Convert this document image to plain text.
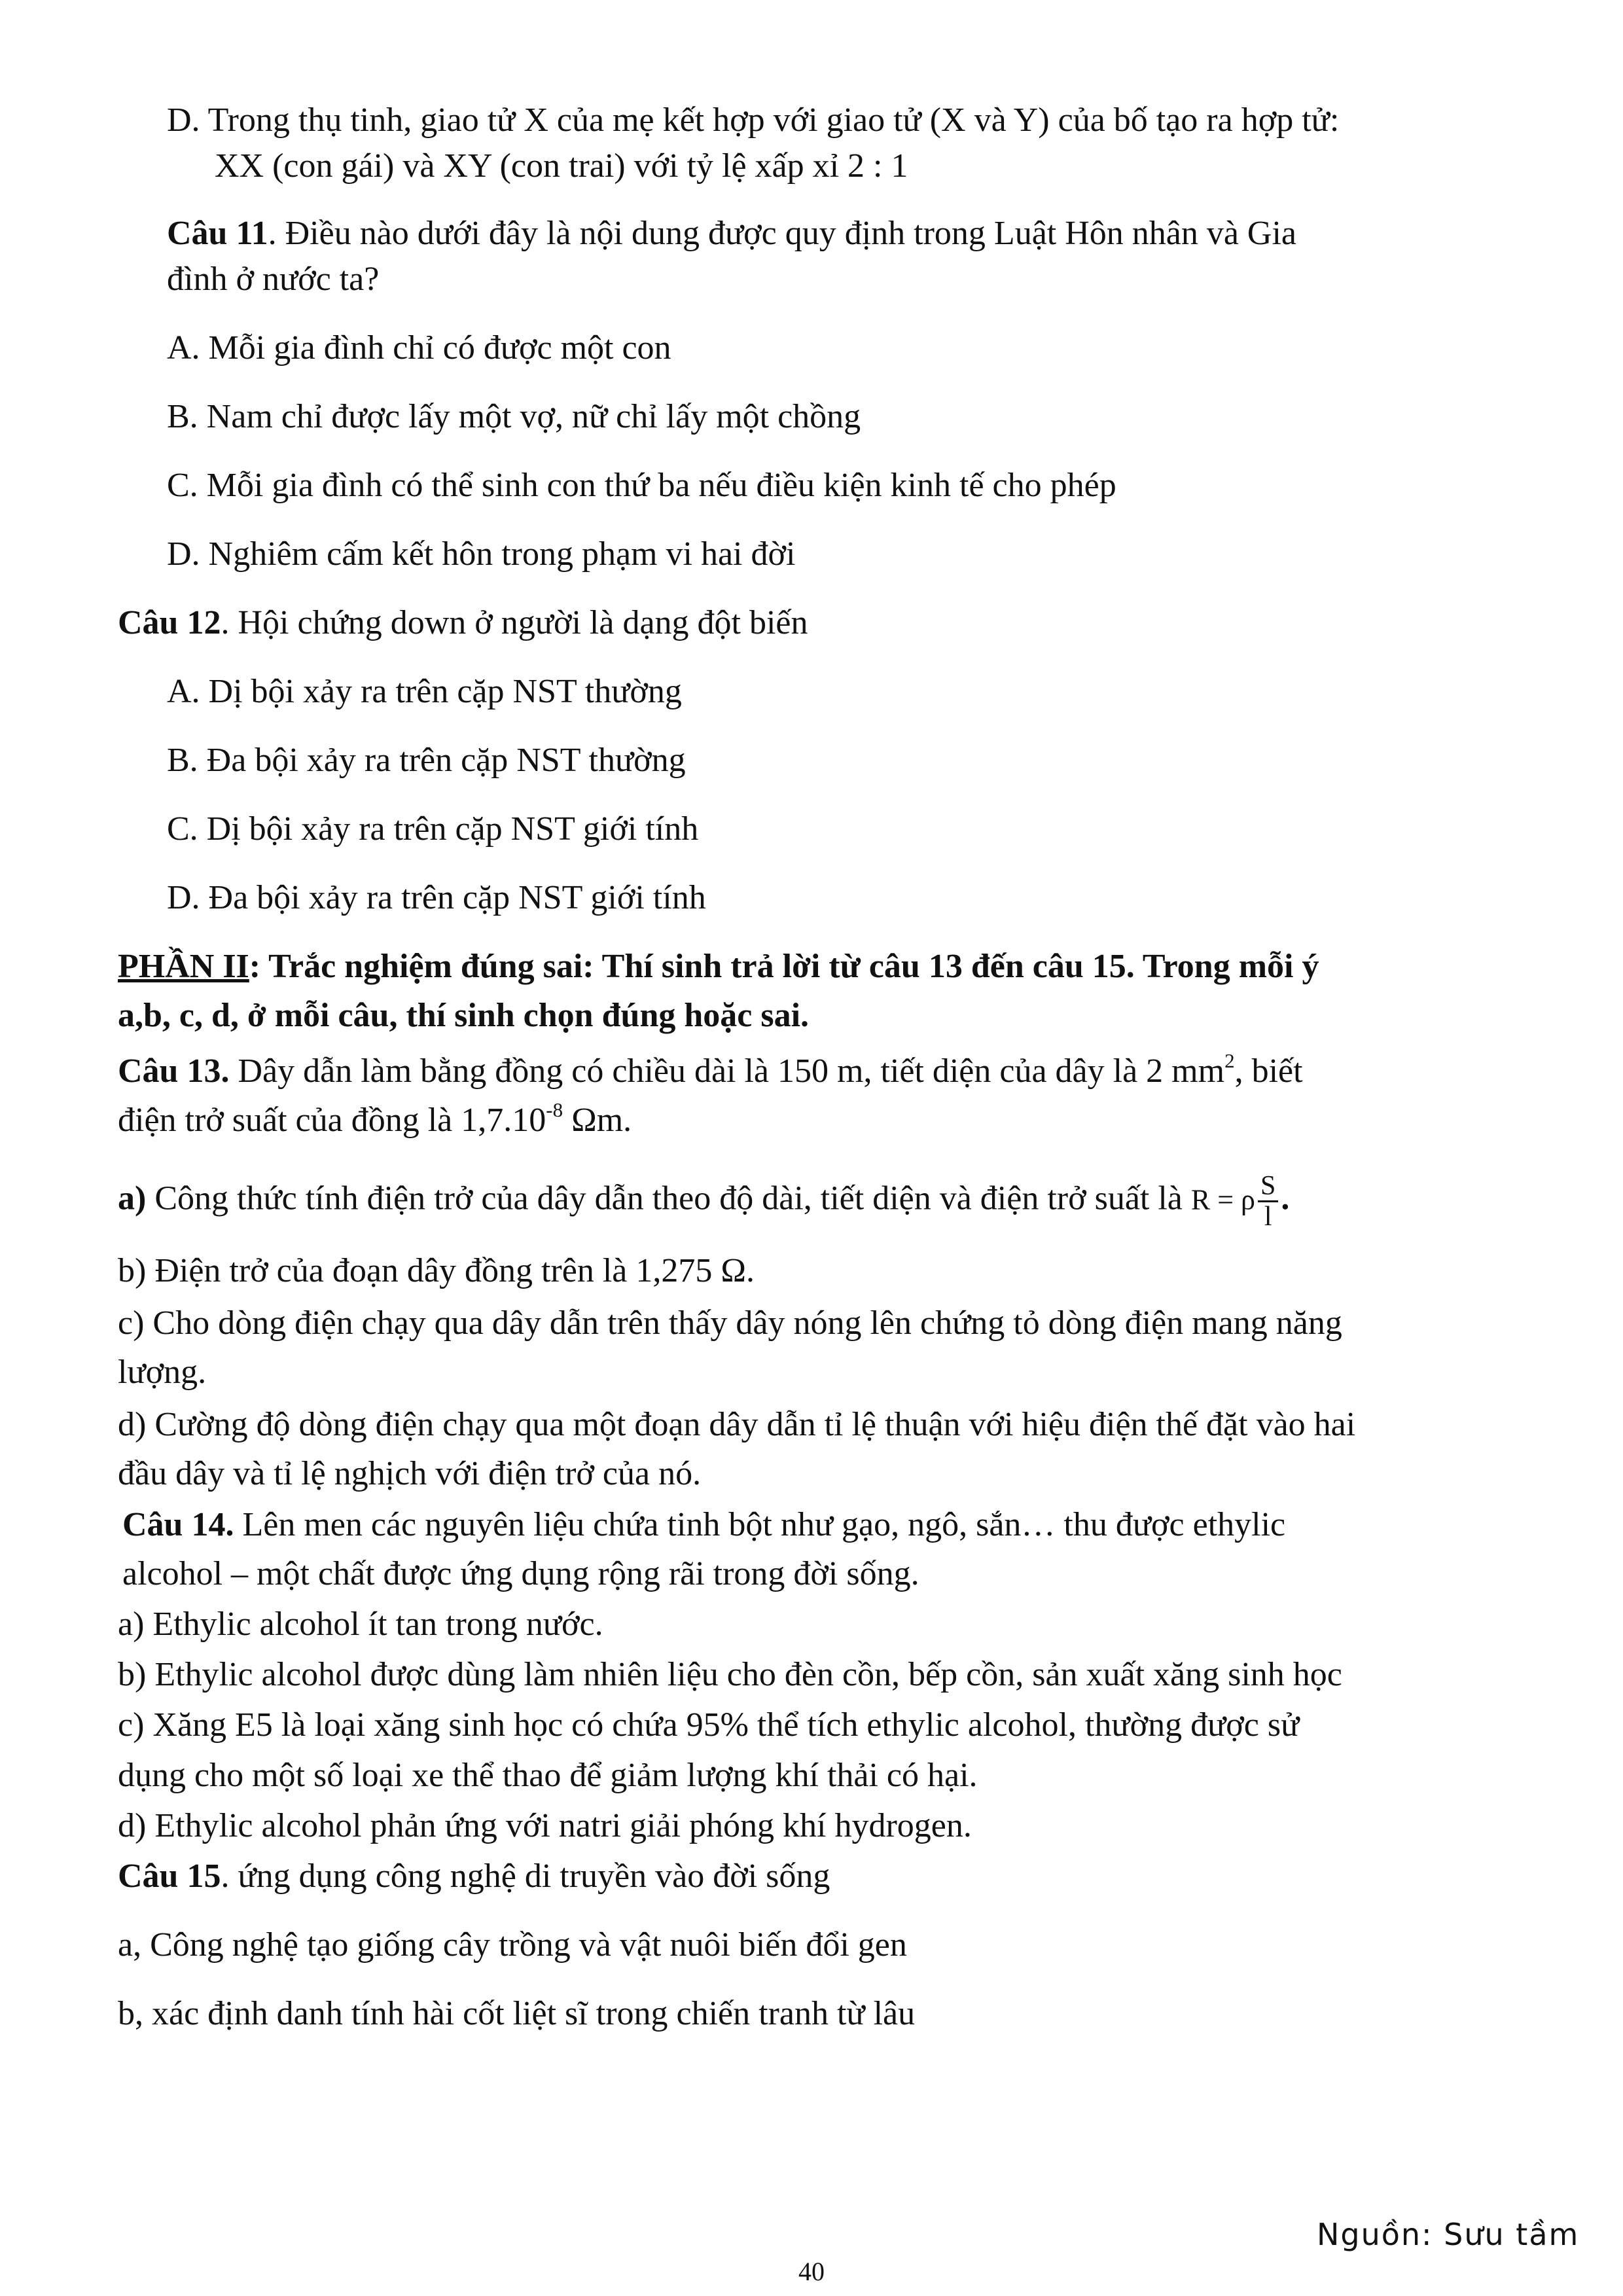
D. Trong thụ tinh, giao tử X của mẹ kết hợp với giao tử (X và Y) của bố tạo ra hợp tử:

XX (con gái) và XY (con trai) với tỷ lệ xấp xỉ 2 : 1

Câu 11. Điều nào dưới đây là nội dung được quy định trong Luật Hôn nhân và Gia

đình ở nước ta?

A. Mỗi gia đình chỉ có được một con

B. Nam chỉ được lấy một vợ, nữ chỉ lấy một chồng

C. Mỗi gia đình có thể sinh con thứ ba nếu điều kiện kinh tế cho phép

D. Nghiêm cấm kết hôn trong phạm vi hai đời

Câu 12. Hội chứng down ở người là dạng đột biến

A. Dị bội xảy ra trên cặp NST thường

B. Đa bội xảy ra trên cặp NST thường

C. Dị bội xảy ra trên cặp NST giới tính

D. Đa bội xảy ra trên cặp NST giới tính

PHẦN II: Trắc nghiệm đúng sai: Thí sinh trả lời từ câu 13 đến câu 15. Trong mỗi ý

a,b, c, d, ở mỗi câu, thí sinh chọn đúng hoặc sai.

Câu 13. Dây dẫn làm bằng đồng có chiều dài là 150 m, tiết diện của dây là 2 $mm^2$, biết

điện trở suất của đồng là $1,7.10^{-8}$ Ωm.

a) Công thức tính điện trở của dây dẫn theo độ dài, tiết diện và điện trở suất là R = ρ $\frac{S}{l}$ .

b) Điện trở của đoạn dây đồng trên là 1,275 Ω.

c) Cho dòng điện chạy qua dây dẫn trên thấy dây nóng lên chứng tỏ dòng điện mang năng

lượng.

d) Cường độ dòng điện chạy qua một đoạn dây dẫn tỉ lệ thuận với hiệu điện thế đặt vào hai

đầu dây và tỉ lệ nghịch với điện trở của nó.

Câu 14. Lên men các nguyên liệu chứa tinh bột như gạo, ngô, sắn… thu được ethylic

alcohol – một chất được ứng dụng rộng rãi trong đời sống.

a) Ethylic alcohol ít tan trong nước.

b) Ethylic alcohol được dùng làm nhiên liệu cho đèn cồn, bếp cồn, sản xuất xăng sinh học

c) Xăng E5 là loại xăng sinh học có chứa 95% thể tích ethylic alcohol, thường được sử

dụng cho một số loại xe thể thao để giảm lượng khí thải có hại.

d) Ethylic alcohol phản ứng với natri giải phóng khí hydrogen.

Câu 15. ứng dụng công nghệ di truyền vào đời sống

a, Công nghệ tạo giống cây trồng và vật nuôi biến đổi gen

b, xác định danh tính hài cốt liệt sĩ trong chiến tranh từ lâu

Nguồn: Sưu tầm
40
